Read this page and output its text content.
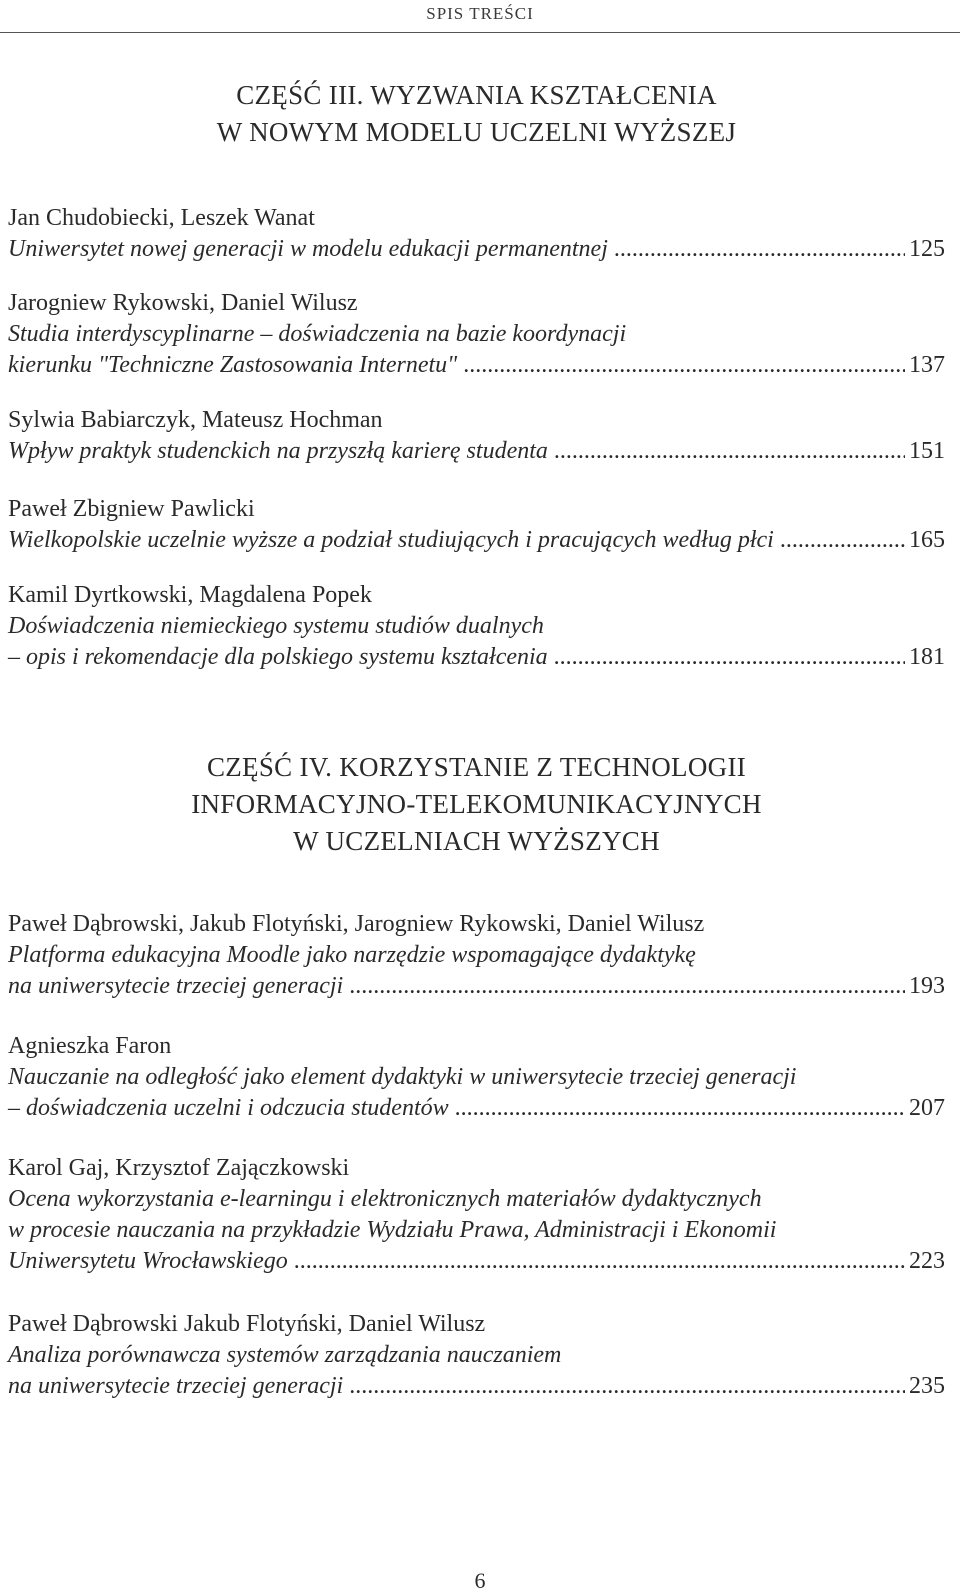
SPIS TREŚCI
CZĘŚĆ III. WYZWANIA KSZTAŁCENIA
W NOWYM MODELU UCZELNI WYŻSZEJ
Jan Chudobiecki, Leszek Wanat
Uniwersytet nowej generacji w modelu edukacji permanentnej .....	125
Jarogniew Rykowski, Daniel Wilusz
Studia interdyscyplinarne – doświadczenia na bazie koordynacji
kierunku "Techniczne Zastosowania Internetu" .....	137
Sylwia Babiarczyk, Mateusz Hochman
Wpływ praktyk studenckich na przyszłą karierę studenta .....	151
Paweł Zbigniew Pawlicki
Wielkopolskie uczelnie wyższe a podział studiujących i pracujących według płci .....	165
Kamil Dyrtkowski, Magdalena Popek
Doświadczenia niemieckiego systemu studiów dualnych
– opis i rekomendacje dla polskiego systemu kształcenia .....	181
CZĘŚĆ IV. KORZYSTANIE Z TECHNOLOGII
INFORMACYJNO-TELEKOMUNIKACYJNYCH
W UCZELNIACH WYŻSZYCH
Paweł Dąbrowski, Jakub Flotyński, Jarogniew Rykowski, Daniel Wilusz
Platforma edukacyjna Moodle jako narzędzie wspomagające dydaktykę
na uniwersytecie trzeciej generacji .....	193
Agnieszka Faron
Nauczanie na odległość jako element dydaktyki w uniwersytecie trzeciej generacji
– doświadczenia uczelni i odczucia studentów .....	207
Karol Gaj, Krzysztof Zajączkowski
Ocena wykorzystania e-learningu i elektronicznych materiałów dydaktycznych
w procesie nauczania na przykładzie Wydziału Prawa, Administracji i Ekonomii
Uniwersytetu Wrocławskiego .....	223
Paweł Dąbrowski Jakub Flotyński, Daniel Wilusz
Analiza porównawcza systemów zarządzania nauczaniem
na uniwersytecie trzeciej generacji .....	235
6
